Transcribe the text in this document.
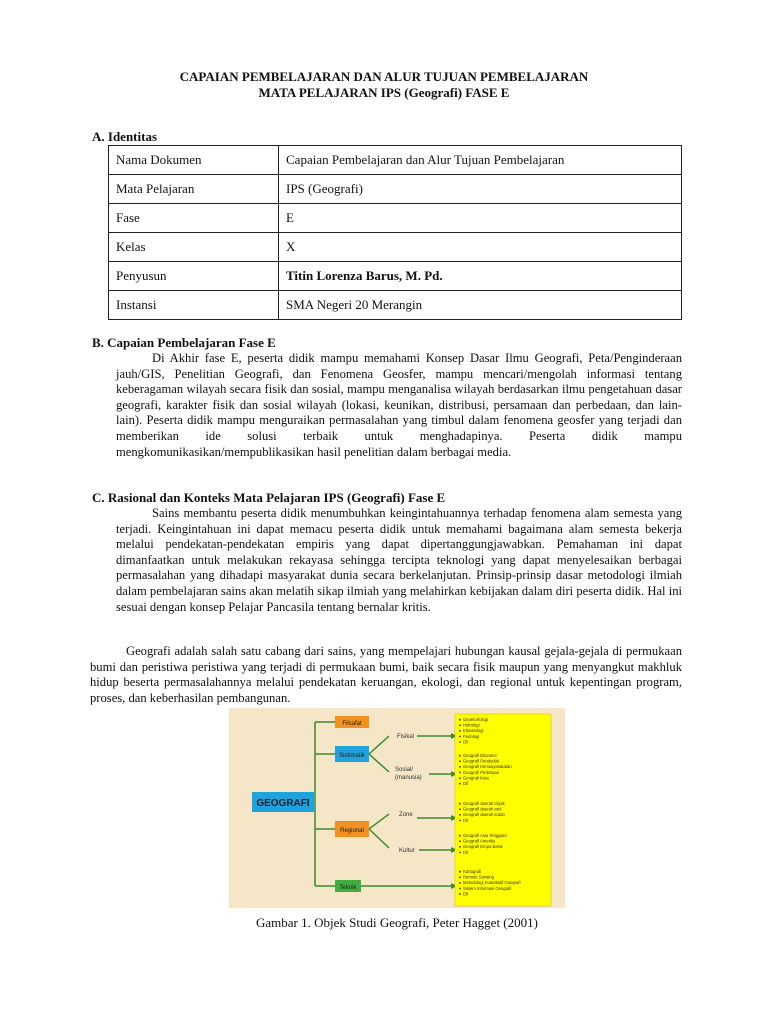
CAPAIAN PEMBELAJARAN DAN ALUR TUJUAN PEMBELAJARAN
MATA PELAJARAN IPS (Geografi) FASE E
A. Identitas
Nama Dokumen	Capaian Pembelajaran dan Alur Tujuan Pembelajaran
Mata Pelajaran	IPS (Geografi)
Fase	E
Kelas	X
Penyusun	Titin Lorenza Barus, M. Pd.
Instansi	SMA Negeri 20 Merangin
B. Capaian Pembelajaran Fase E
Di Akhir fase E, peserta didik mampu memahami Konsep Dasar Ilmu Geografi, Peta/Penginderaan jauh/GIS, Penelitian Geografi, dan Fenomena Geosfer, mampu mencari/mengolah informasi tentang keberagaman wilayah secara fisik dan sosial, mampu menganalisa wilayah berdasarkan ilmu pengetahuan dasar geografi, karakter fisik dan sosial wilayah (lokasi, keunikan, distribusi, persamaan dan perbedaan, dan lain-lain). Peserta didik mampu menguraikan permasalahan yang timbul dalam fenomena geosfer yang terjadi dan memberikan ide solusi terbaik untuk menghadapinya. Peserta didik mampu mengkomunikasikan/mempublikasikan hasil penelitian dalam berbagai media.
C. Rasional dan Konteks Mata Pelajaran IPS (Geografi) Fase E
Sains membantu peserta didik menumbuhkan keingintahuannya terhadap fenomena alam semesta yang terjadi. Keingintahuan ini dapat memacu peserta didik untuk memahami bagaimana alam semesta bekerja melalui pendekatan-pendekatan empiris yang dapat dipertanggungjawabkan. Pemahaman ini dapat dimanfaatkan untuk melakukan rekayasa sehingga tercipta teknologi yang dapat menyelesaikan berbagai permasalahan yang dihadapi masyarakat dunia secara berkelanjutan. Prinsip-prinsip dasar metodologi ilmiah dalam pembelajaran sains akan melatih sikap ilmiah yang melahirkan kebijakan dalam diri peserta didik. Hal ini sesuai dengan konsep Pelajar Pancasila tentang bernalar kritis.
Geografi adalah salah satu cabang dari sains, yang mempelajari hubungan kausal gejala-gejala di permukaan bumi dan peristiwa peristiwa yang terjadi di permukaan bumi, baik secara fisik maupun yang menyangkut makhluk hidup beserta permasalahannya melalui pendekatan keruangan, ekologi, dan regional untuk kepentingan program, proses, dan keberhasilan pembangunan.
GEOGRAFI
Filsafat
Sistimatik
Regional
Teknik
Fisikal
Sosial/
(manusia)
Zone
Kultur
Geomorfologi
Hidrologi
Klimatologi
Pedologi
Dll
Geografi Ekonomi
Geografi Penduduk
Geografi Kemasyarakatan
Geografi Pedesaan
Geografi Kota
Dll
Geografi daerah tropik
Geografi daerah arid
Geografi daerah kutub
Dll
Geografi Asia Tenggara
Geografi Amerika
Geografi Eropa Barat
Dll
Kartografi
Remote Sensing
Metodologi Kuantitatif Geografi
Sistem Informasi Geografi
Dll
Gambar 1. Objek Studi Geografi, Peter Hagget (2001)
